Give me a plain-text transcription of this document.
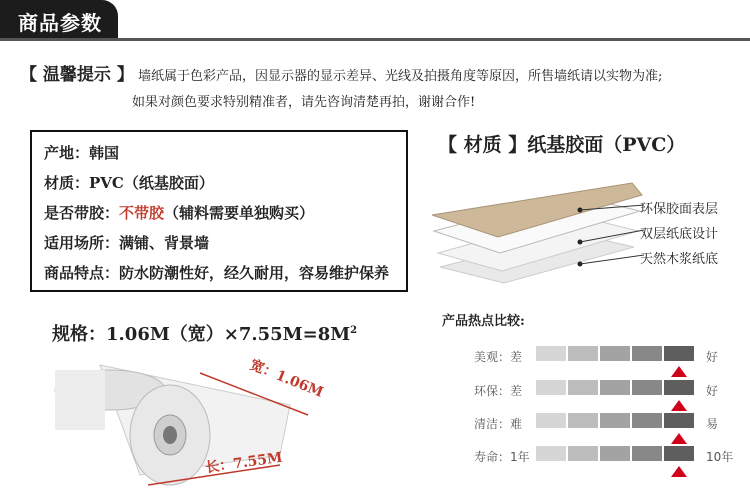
商品参数
【 温馨提示 】 墙纸属于色彩产品，因显示器的显示差异、光线及拍摄角度等原因，所售墙纸请以实物为准;
如果对颜色要求特别精准者，请先咨询清楚再拍，谢谢合作!
产地：韩国
材质：PVC（纸基胶面）
是否带胶：不带胶（辅料需要单独购买）
适用场所：满铺、背景墙
商品特点：防水防潮性好，经久耐用，容易维护保养
【 材质 】纸基胶面（PVC）
环保胶面表层
双层纸底设计
天然木浆纸底
规格：1.06M（宽）$\times 7.55M=8M^2$
宽：1.06M
长：7.55M
产品热点比较:
美观：差	好
环保：差	好
清洁：难	易
寿命：1年	10年
